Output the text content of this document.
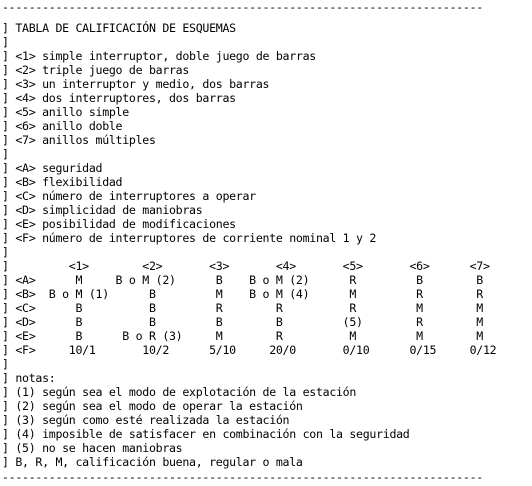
------------------------------------------------------------------------
] TABLA DE CALIFICACIÓN DE ESQUEMAS
]
] <1> simple interruptor, doble juego de barras
] <2> triple juego de barras
] <3> un interruptor y medio, dos barras
] <4> dos interruptores, dos barras
] <5> anillo simple
] <6> anillo doble
] <7> anillos múltiples
]
] <A> seguridad
] <B> flexibilidad
] <C> número de interruptores a operar
] <D> simplicidad de maniobras
] <E> posibilidad de modificaciones
] <F> número de interruptores de corriente nominal 1 y 2
]
]         <1>        <2>       <3>       <4>       <5>       <6>      <7>
] <A>      M     B o M (2)      B    B o M (2)      R         B        B
] <B>  B o M (1)      B         M    B o M (4)      M         R        R
] <C>      B          B         R        R          R         M        M
] <D>      B          B         B        B         (5)        R        M
] <E>      B      B o R (3)     M        R          M         M        M
] <F>     10/1       10/2      5/10     20/0       0/10      0/15     0/12
]
] notas:
] (1) según sea el modo de explotación de la estación
] (2) según sea el modo de operar la estación
] (3) según como esté realizada la estación
] (4) imposible de satisfacer en combinación con la seguridad
] (5) no se hacen maniobras
] B, R, M, calificación buena, regular o mala
------------------------------------------------------------------------
